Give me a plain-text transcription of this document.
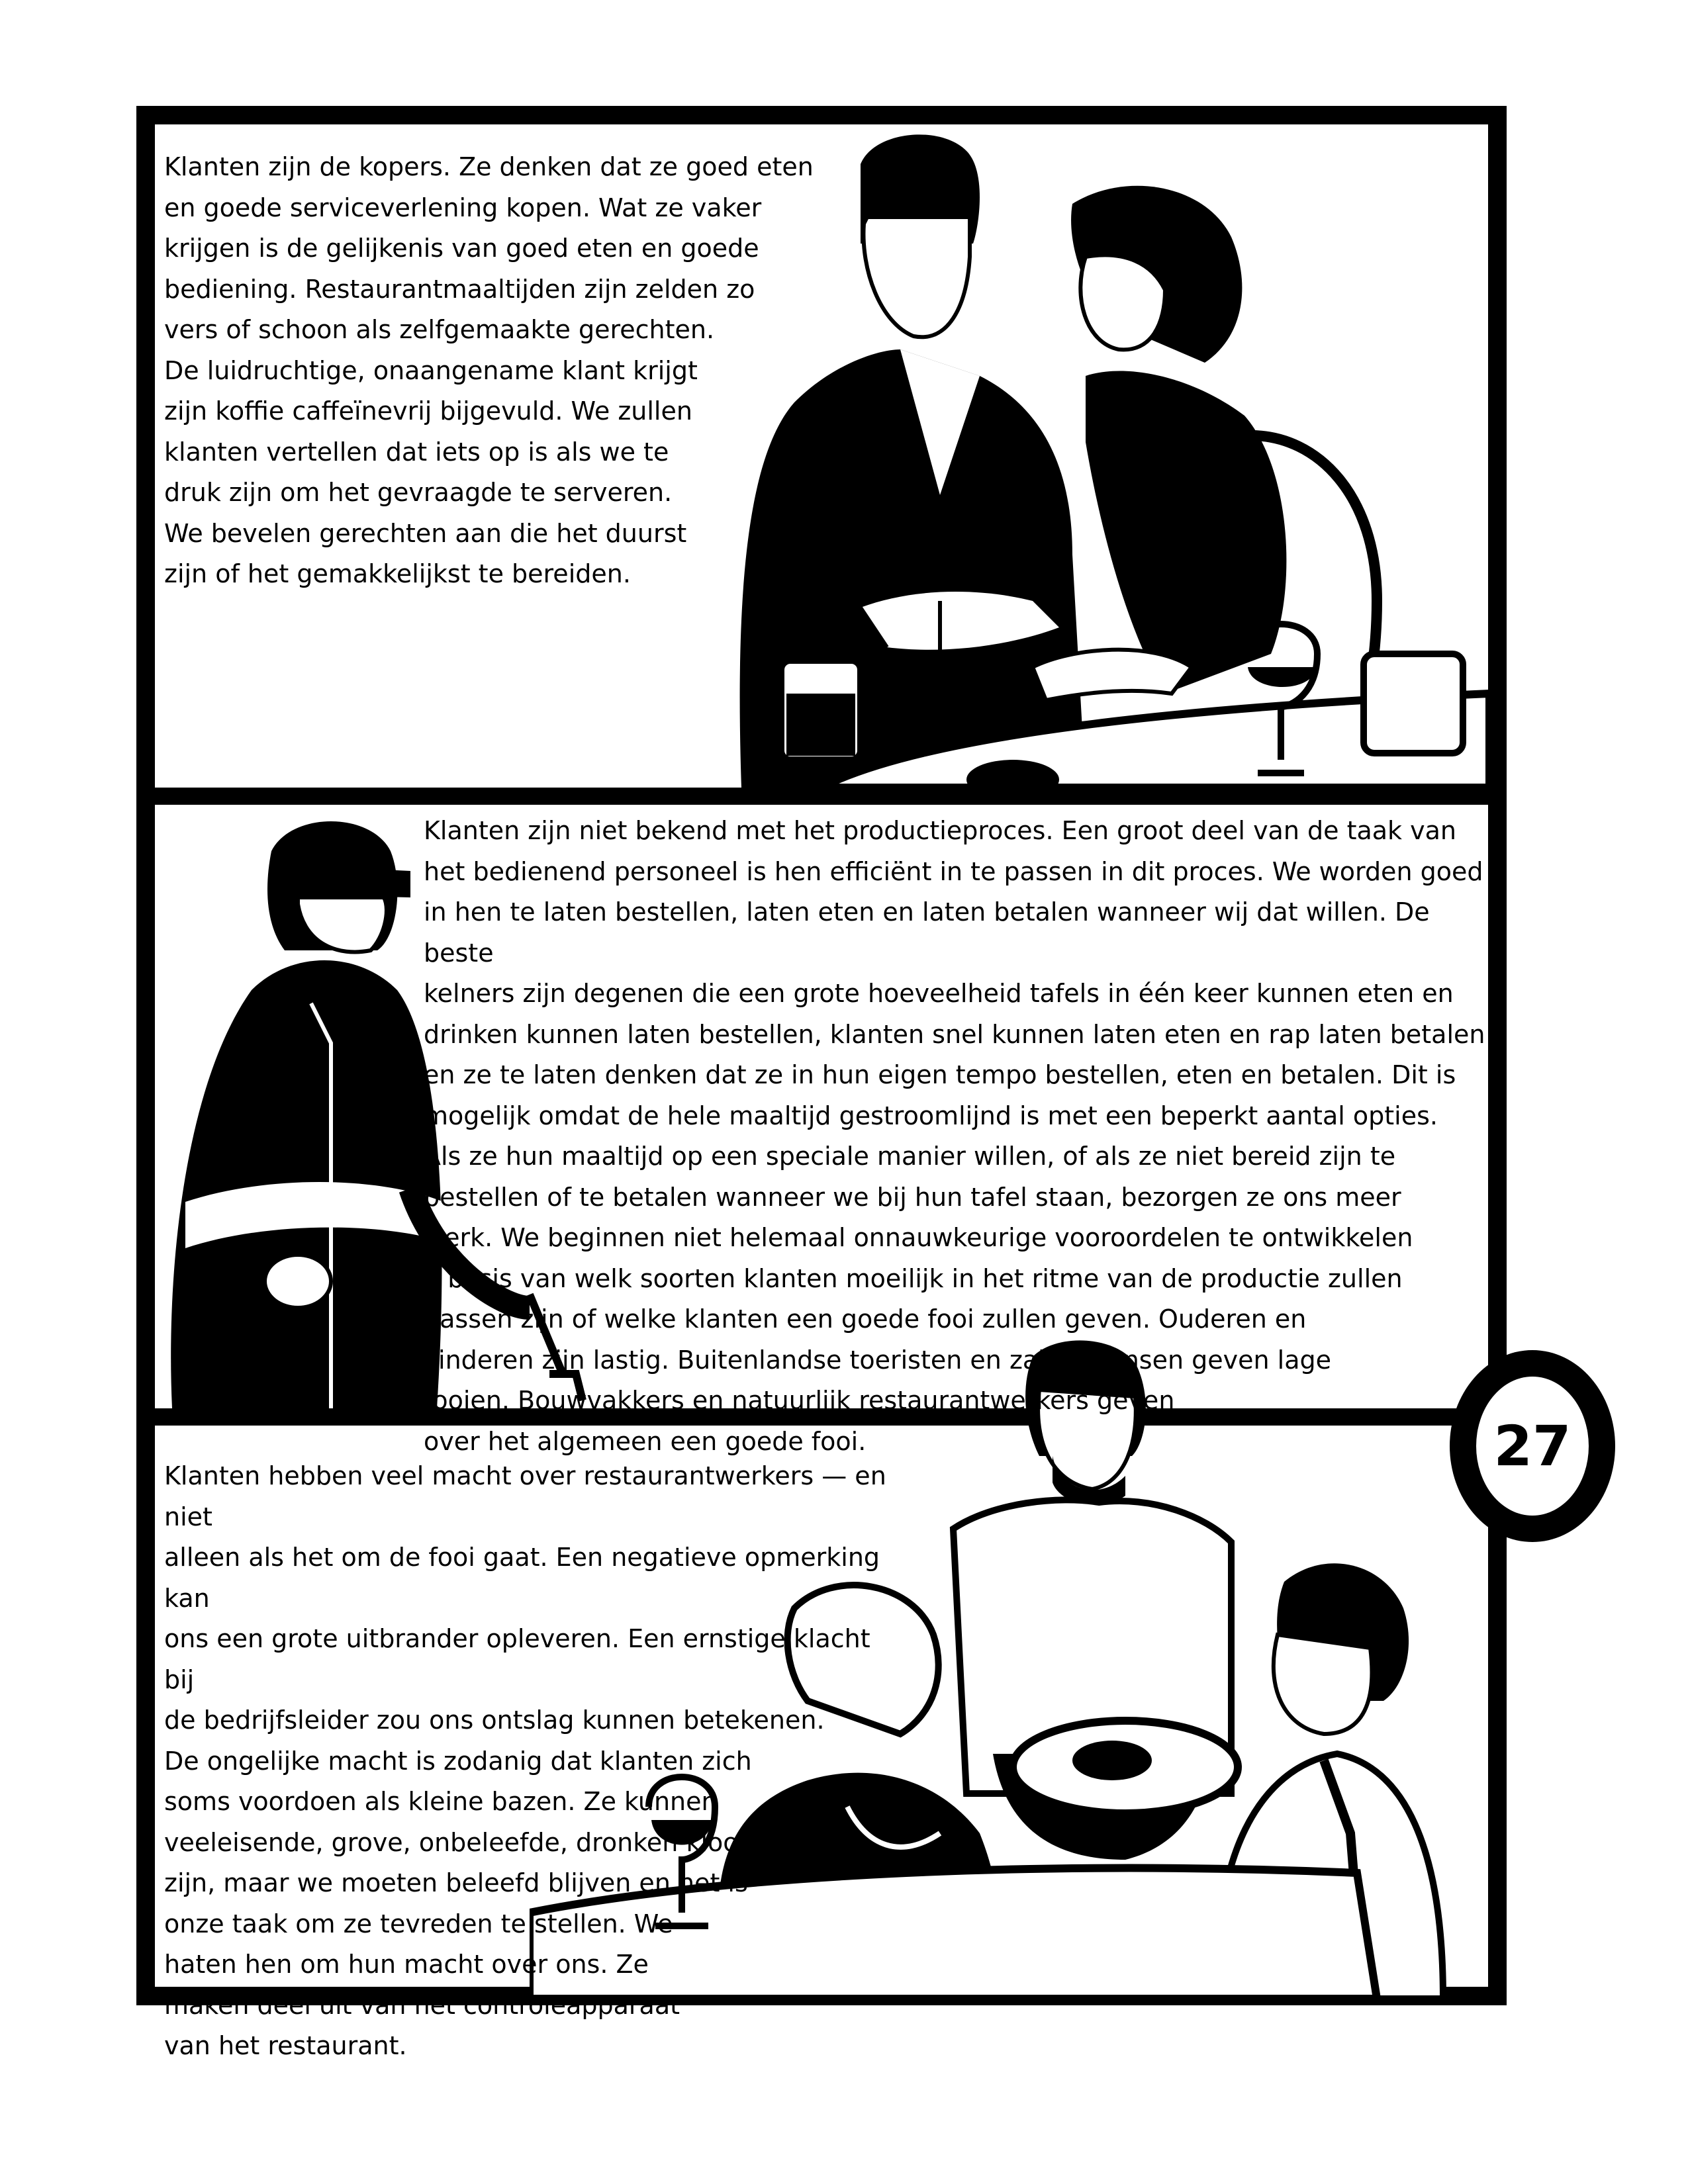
Klanten zijn de kopers. Ze denken dat ze goed eten
en goede serviceverlening kopen. Wat ze vaker
krijgen is de gelijkenis van goed eten en goede
bediening. Restaurantmaaltijden zijn zelden zo
vers of schoon als zelfgemaakte gerechten.
De luidruchtige, onaangename klant krijgt
zijn koffie caffeïnevrij bijgevuld. We zullen
klanten vertellen dat iets op is als we te
druk zijn om het gevraagde te serveren.
We bevelen gerechten aan die het duurst
zijn of het gemakkelijkst te bereiden.

Klanten zijn niet bekend met het productieproces. Een groot deel van de taak van
het bedienend personeel is hen efficiënt in te passen in dit proces. We worden goed
in hen te laten bestellen, laten eten en laten betalen wanneer wij dat willen. De beste
kelners zijn degenen die een grote hoeveelheid tafels in één keer kunnen eten en
drinken kunnen laten bestellen, klanten snel kunnen laten eten en rap laten betalen
en ze te laten denken dat ze in hun eigen tempo bestellen, eten en betalen. Dit is
mogelijk omdat de hele maaltijd gestroomlijnd is met een beperkt aantal opties.
Als ze hun maaltijd op een speciale manier willen, of als ze niet bereid zijn te
bestellen of te betalen wanneer we bij hun tafel staan, bezorgen ze ons meer
werk. We beginnen niet helemaal onnauwkeurige vooroordelen te ontwikkelen
p basis van welk soorten klanten moeilijk in het ritme van de productie zullen
passen zijn of welke klanten een goede fooi zullen geven. Ouderen en
kinderen zijn lastig. Buitenlandse toeristen en zakenmensen geven lage
fooien. Bouwvakkers en natuurlijk restaurantwerkers geven
over het algemeen een goede fooi.

Klanten hebben veel macht over restaurantwerkers — en niet
alleen als het om de fooi gaat. Een negatieve opmerking kan
ons een grote uitbrander opleveren. Een ernstige klacht bij
de bedrijfsleider zou ons ontslag kunnen betekenen.
De ongelijke macht is zodanig dat klanten zich
soms voordoen als kleine bazen. Ze kunnen
veeleisende, grove, onbeleefde, dronken klootzakken
zijn, maar we moeten beleefd blijven en het is
onze taak om ze tevreden te stellen. We
haten hen om hun macht over ons. Ze
maken deel uit van het controleapparaat
van het restaurant.

27
